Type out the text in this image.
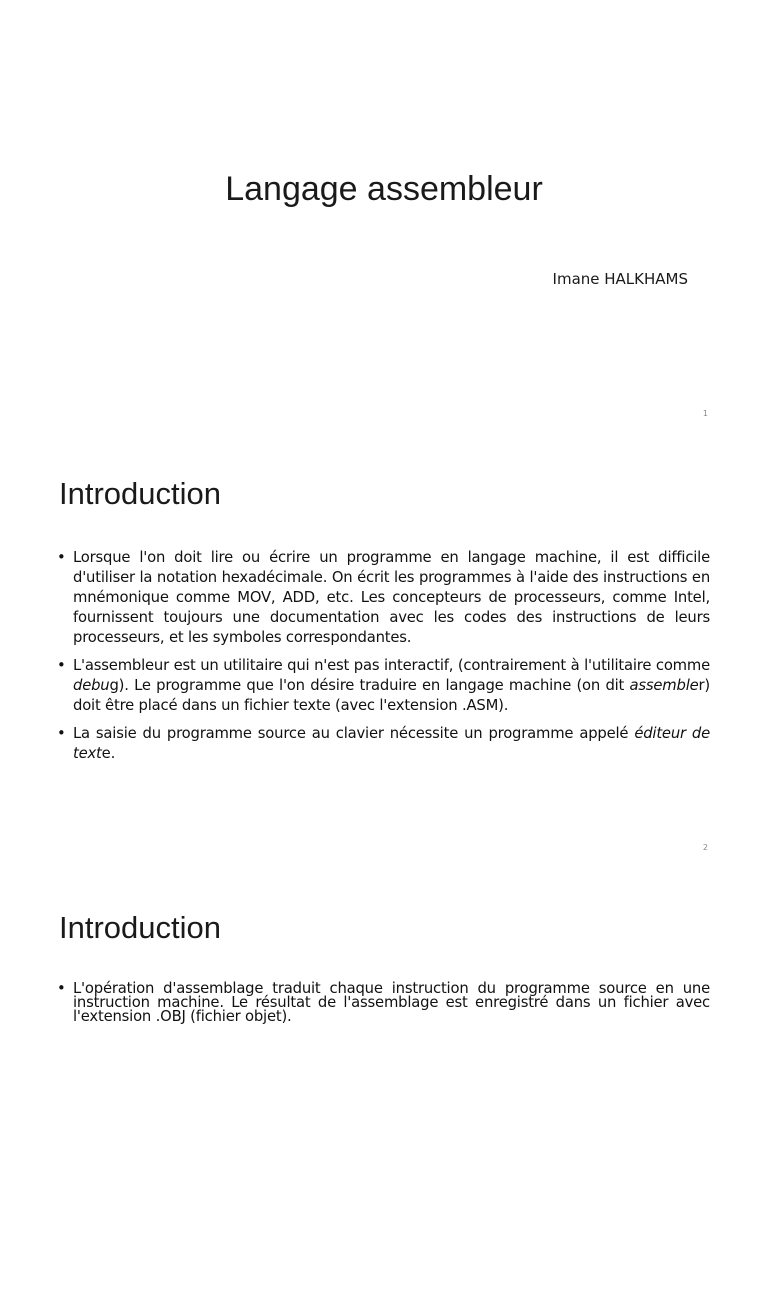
Langage assembleur
Imane HALKHAMS
1
Introduction
• Lorsque l'on doit lire ou écrire un programme en langage machine, il est difficile d'utiliser la notation hexadécimale. On écrit les programmes à l'aide des instructions en mnémonique comme MOV, ADD, etc. Les concepteurs de processeurs, comme Intel, fournissent toujours une documentation avec les codes des instructions de leurs processeurs, et les symboles correspondantes.
• L'assembleur est un utilitaire qui n'est pas interactif, (contrairement à l'utilitaire comme debug). Le programme que l'on désire traduire en langage machine (on dit assembler) doit être placé dans un fichier texte (avec l'extension .ASM).
• La saisie du programme source au clavier nécessite un programme appelé éditeur de texte.
2
Introduction
• L'opération d'assemblage traduit chaque instruction du programme source en une instruction machine. Le résultat de l'assemblage est enregistré dans un fichier avec l'extension .OBJ (fichier objet).
